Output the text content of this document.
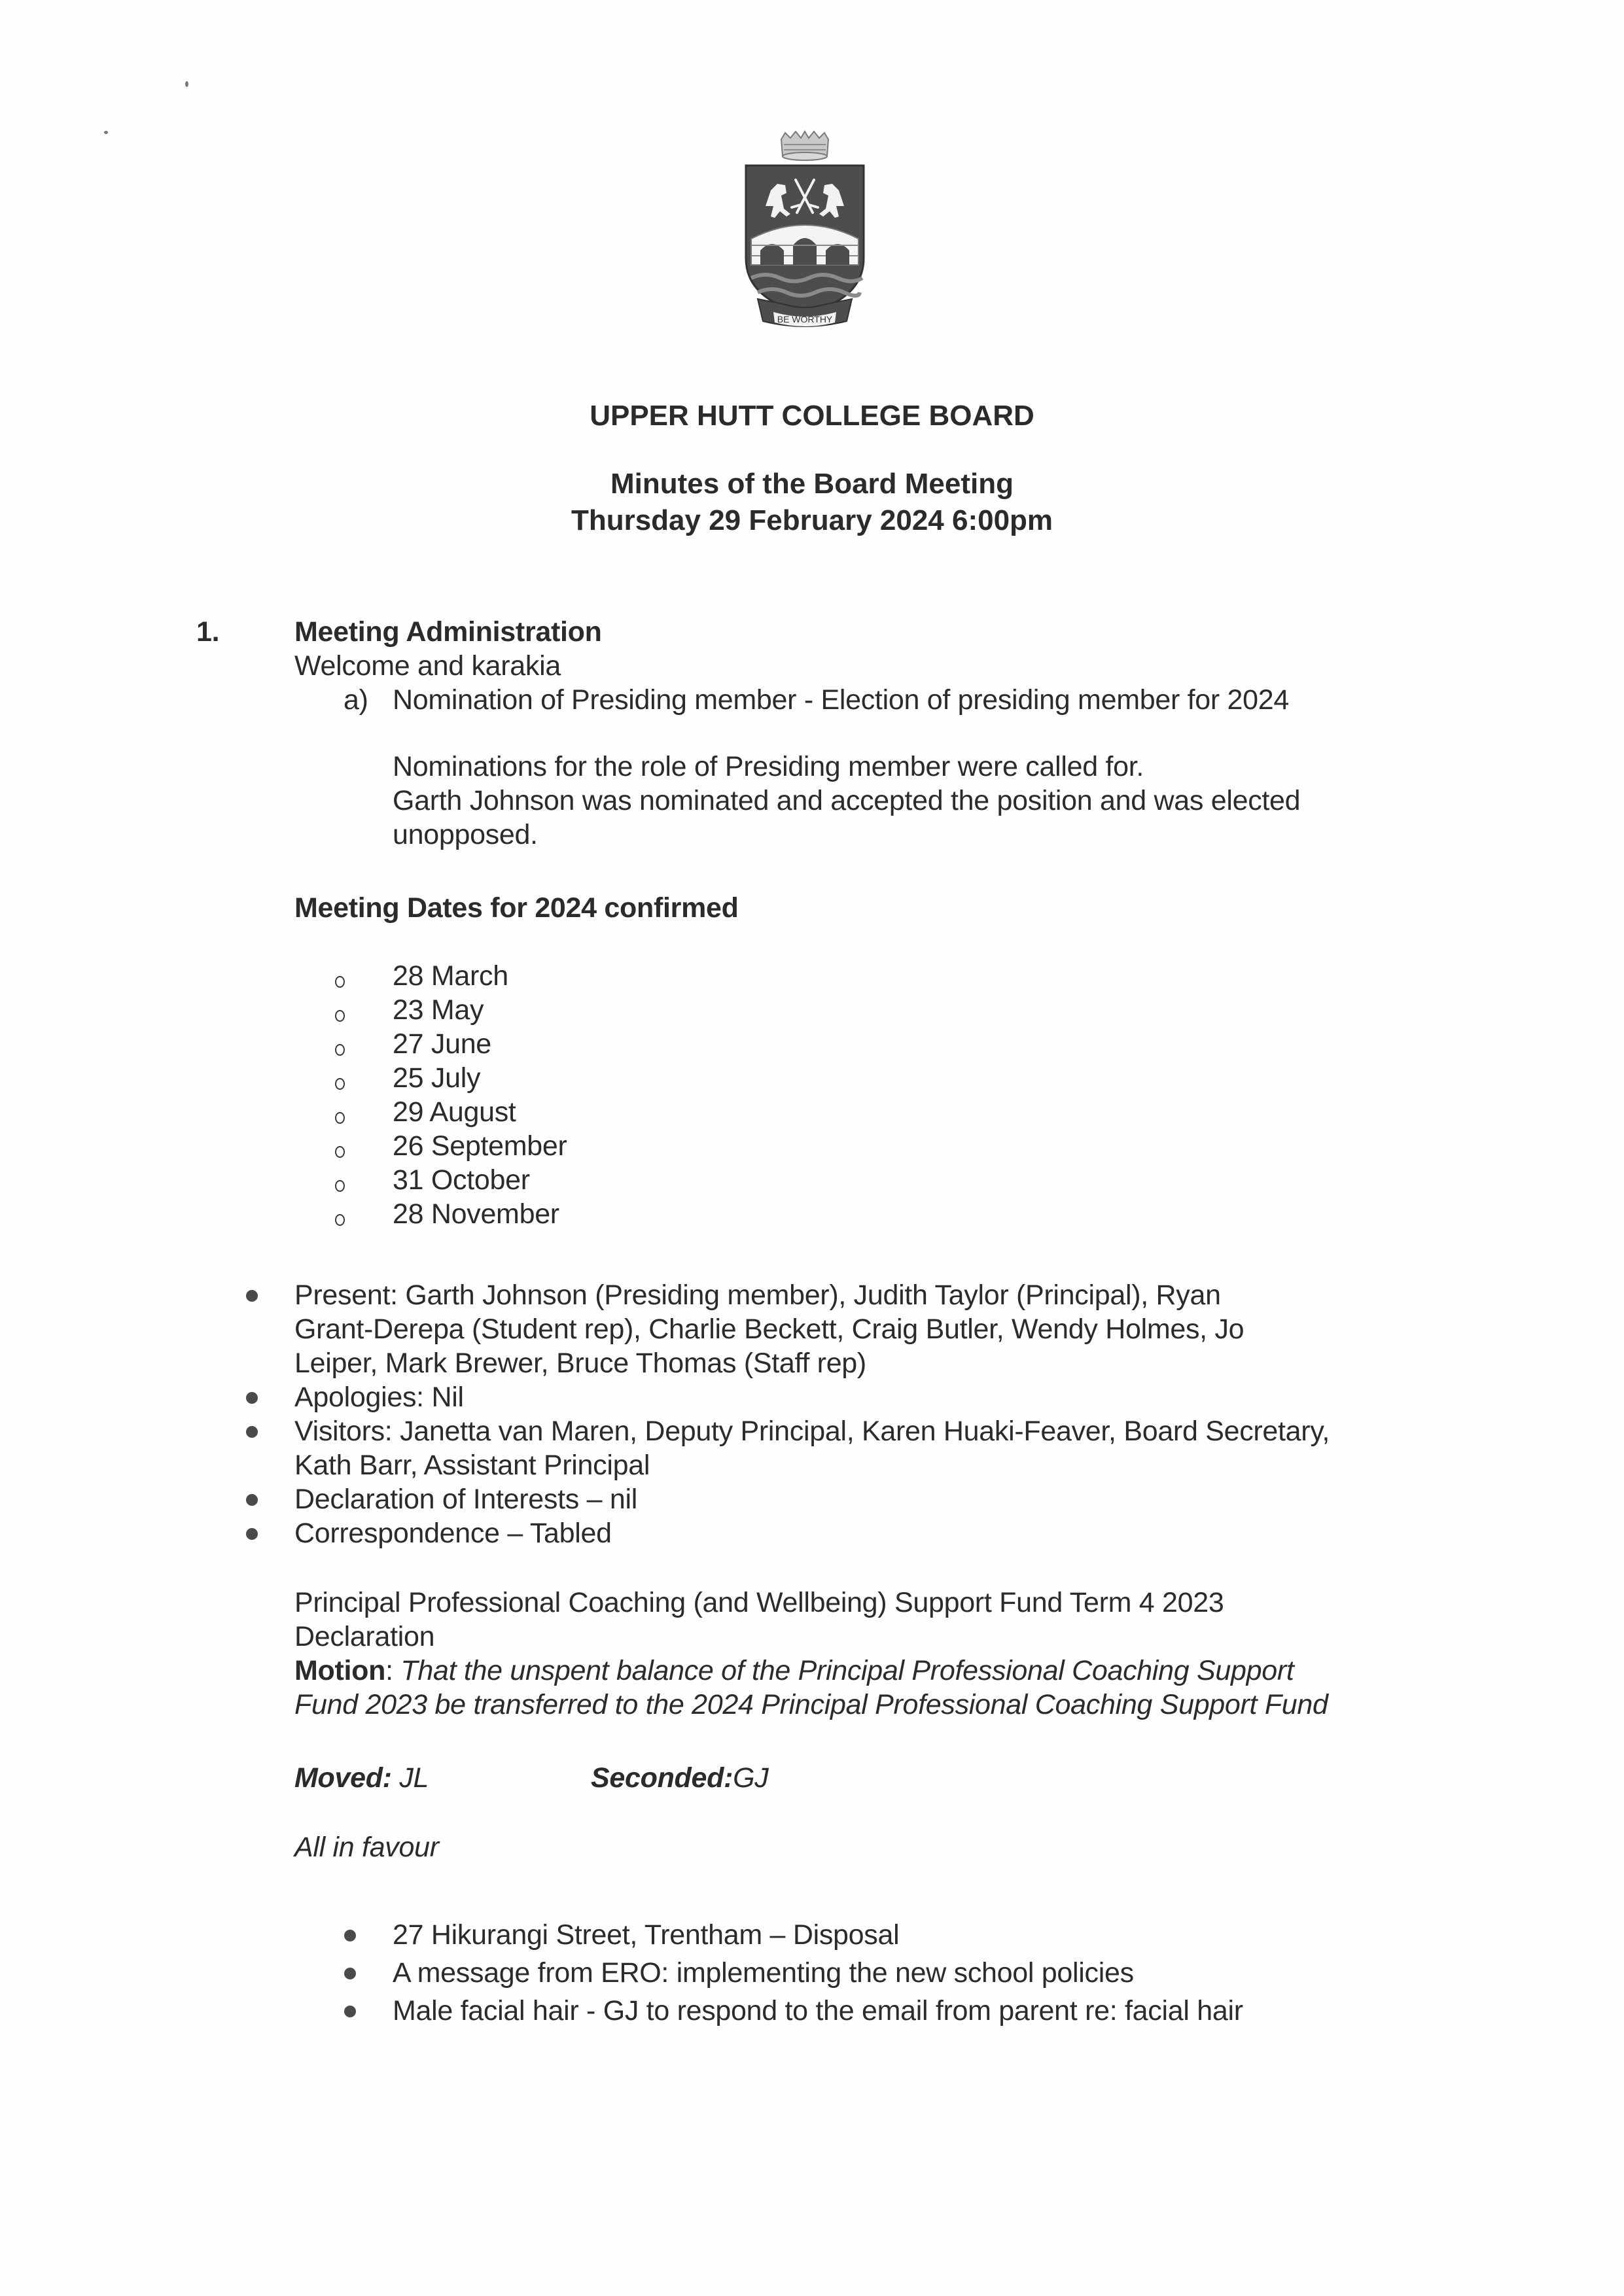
BE WORTHY
UPPER HUTT COLLEGE BOARD
Minutes of the Board Meeting
Thursday 29 February 2024 6:00pm
1.	Meeting Administration
Welcome and karakia
a) Nomination of Presiding member - Election of presiding member for 2024
Nominations for the role of Presiding member were called for.
Garth Johnson was nominated and accepted the position and was elected
unopposed.
Meeting Dates for 2024 confirmed
28 March
23 May
27 June
25 July
29 August
26 September
31 October
28 November
Present: Garth Johnson (Presiding member), Judith Taylor (Principal), Ryan
Grant-Derepa (Student rep), Charlie Beckett, Craig Butler, Wendy Holmes, Jo
Leiper, Mark Brewer, Bruce Thomas (Staff rep)
Apologies: Nil
Visitors: Janetta van Maren, Deputy Principal, Karen Huaki-Feaver, Board Secretary,
Kath Barr, Assistant Principal
Declaration of Interests – nil
Correspondence – Tabled
Principal Professional Coaching (and Wellbeing) Support Fund Term 4 2023
Declaration
Motion: That the unspent balance of the Principal Professional Coaching Support
Fund 2023 be transferred to the 2024 Principal Professional Coaching Support Fund
Moved: JL	Seconded:GJ
All in favour
27 Hikurangi Street, Trentham – Disposal
A message from ERO: implementing the new school policies
Male facial hair - GJ to respond to the email from parent re: facial hair
